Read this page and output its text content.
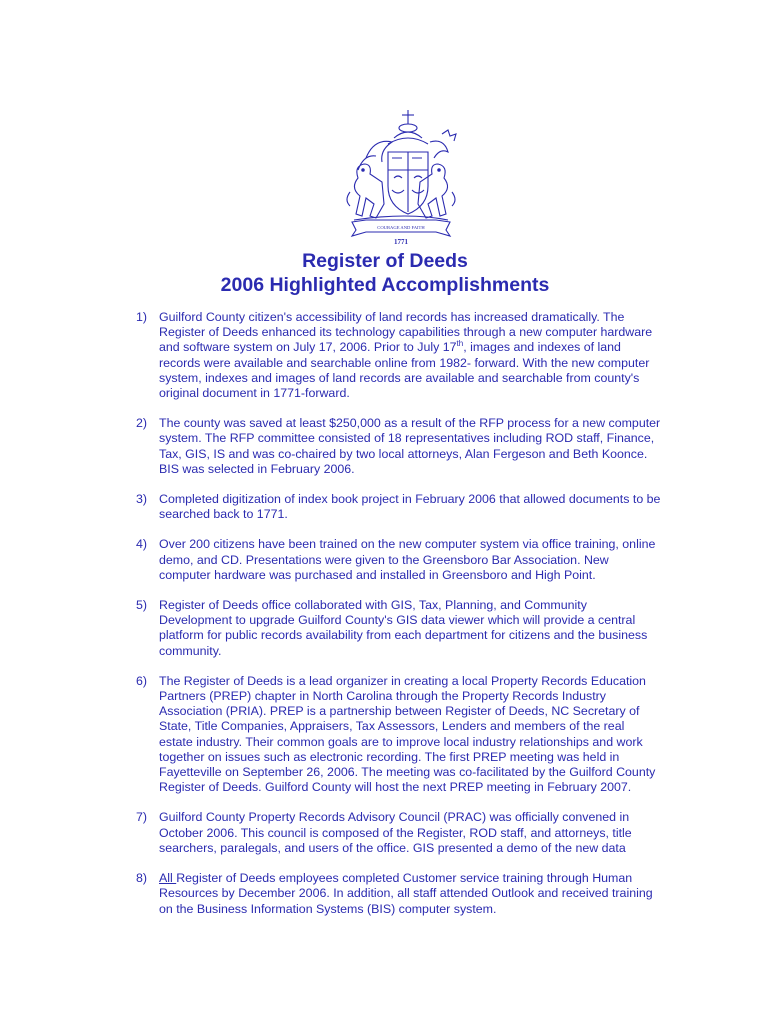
COURAGE AND FAITH
1771
Register of Deeds
2006 Highlighted Accomplishments
1) Guilford County citizen's accessibility of land records has increased dramatically. The Register of Deeds enhanced its technology capabilities through a new computer hardware and software system on July 17, 2006. Prior to July 17th, images and indexes of land records were available and searchable online from 1982- forward. With the new computer system, indexes and images of land records are available and searchable from county's original document in 1771-forward.
2) The county was saved at least $250,000 as a result of the RFP process for a new computer system. The RFP committee consisted of 18 representatives including ROD staff, Finance, Tax, GIS, IS and was co-chaired by two local attorneys, Alan Fergeson and Beth Koonce. BIS was selected in February 2006.
3) Completed digitization of index book project in February 2006 that allowed documents to be searched back to 1771.
4) Over 200 citizens have been trained on the new computer system via office training, online demo, and CD. Presentations were given to the Greensboro Bar Association. New computer hardware was purchased and installed in Greensboro and High Point.
5) Register of Deeds office collaborated with GIS, Tax, Planning, and Community Development to upgrade Guilford County's GIS data viewer which will provide a central platform for public records availability from each department for citizens and the business community.
6) The Register of Deeds is a lead organizer in creating a local Property Records Education Partners (PREP) chapter in North Carolina through the Property Records Industry Association (PRIA). PREP is a partnership between Register of Deeds, NC Secretary of State, Title Companies, Appraisers, Tax Assessors, Lenders and members of the real estate industry. Their common goals are to improve local industry relationships and work together on issues such as electronic recording. The first PREP meeting was held in Fayetteville on September 26, 2006. The meeting was co-facilitated by the Guilford County Register of Deeds. Guilford County will host the next PREP meeting in February 2007.
7) Guilford County Property Records Advisory Council (PRAC) was officially convened in October 2006. This council is composed of the Register, ROD staff, and attorneys, title searchers, paralegals, and users of the office. GIS presented a demo of the new data
8) All Register of Deeds employees completed Customer service training through Human Resources by December 2006. In addition, all staff attended Outlook and received training on the Business Information Systems (BIS) computer system.
